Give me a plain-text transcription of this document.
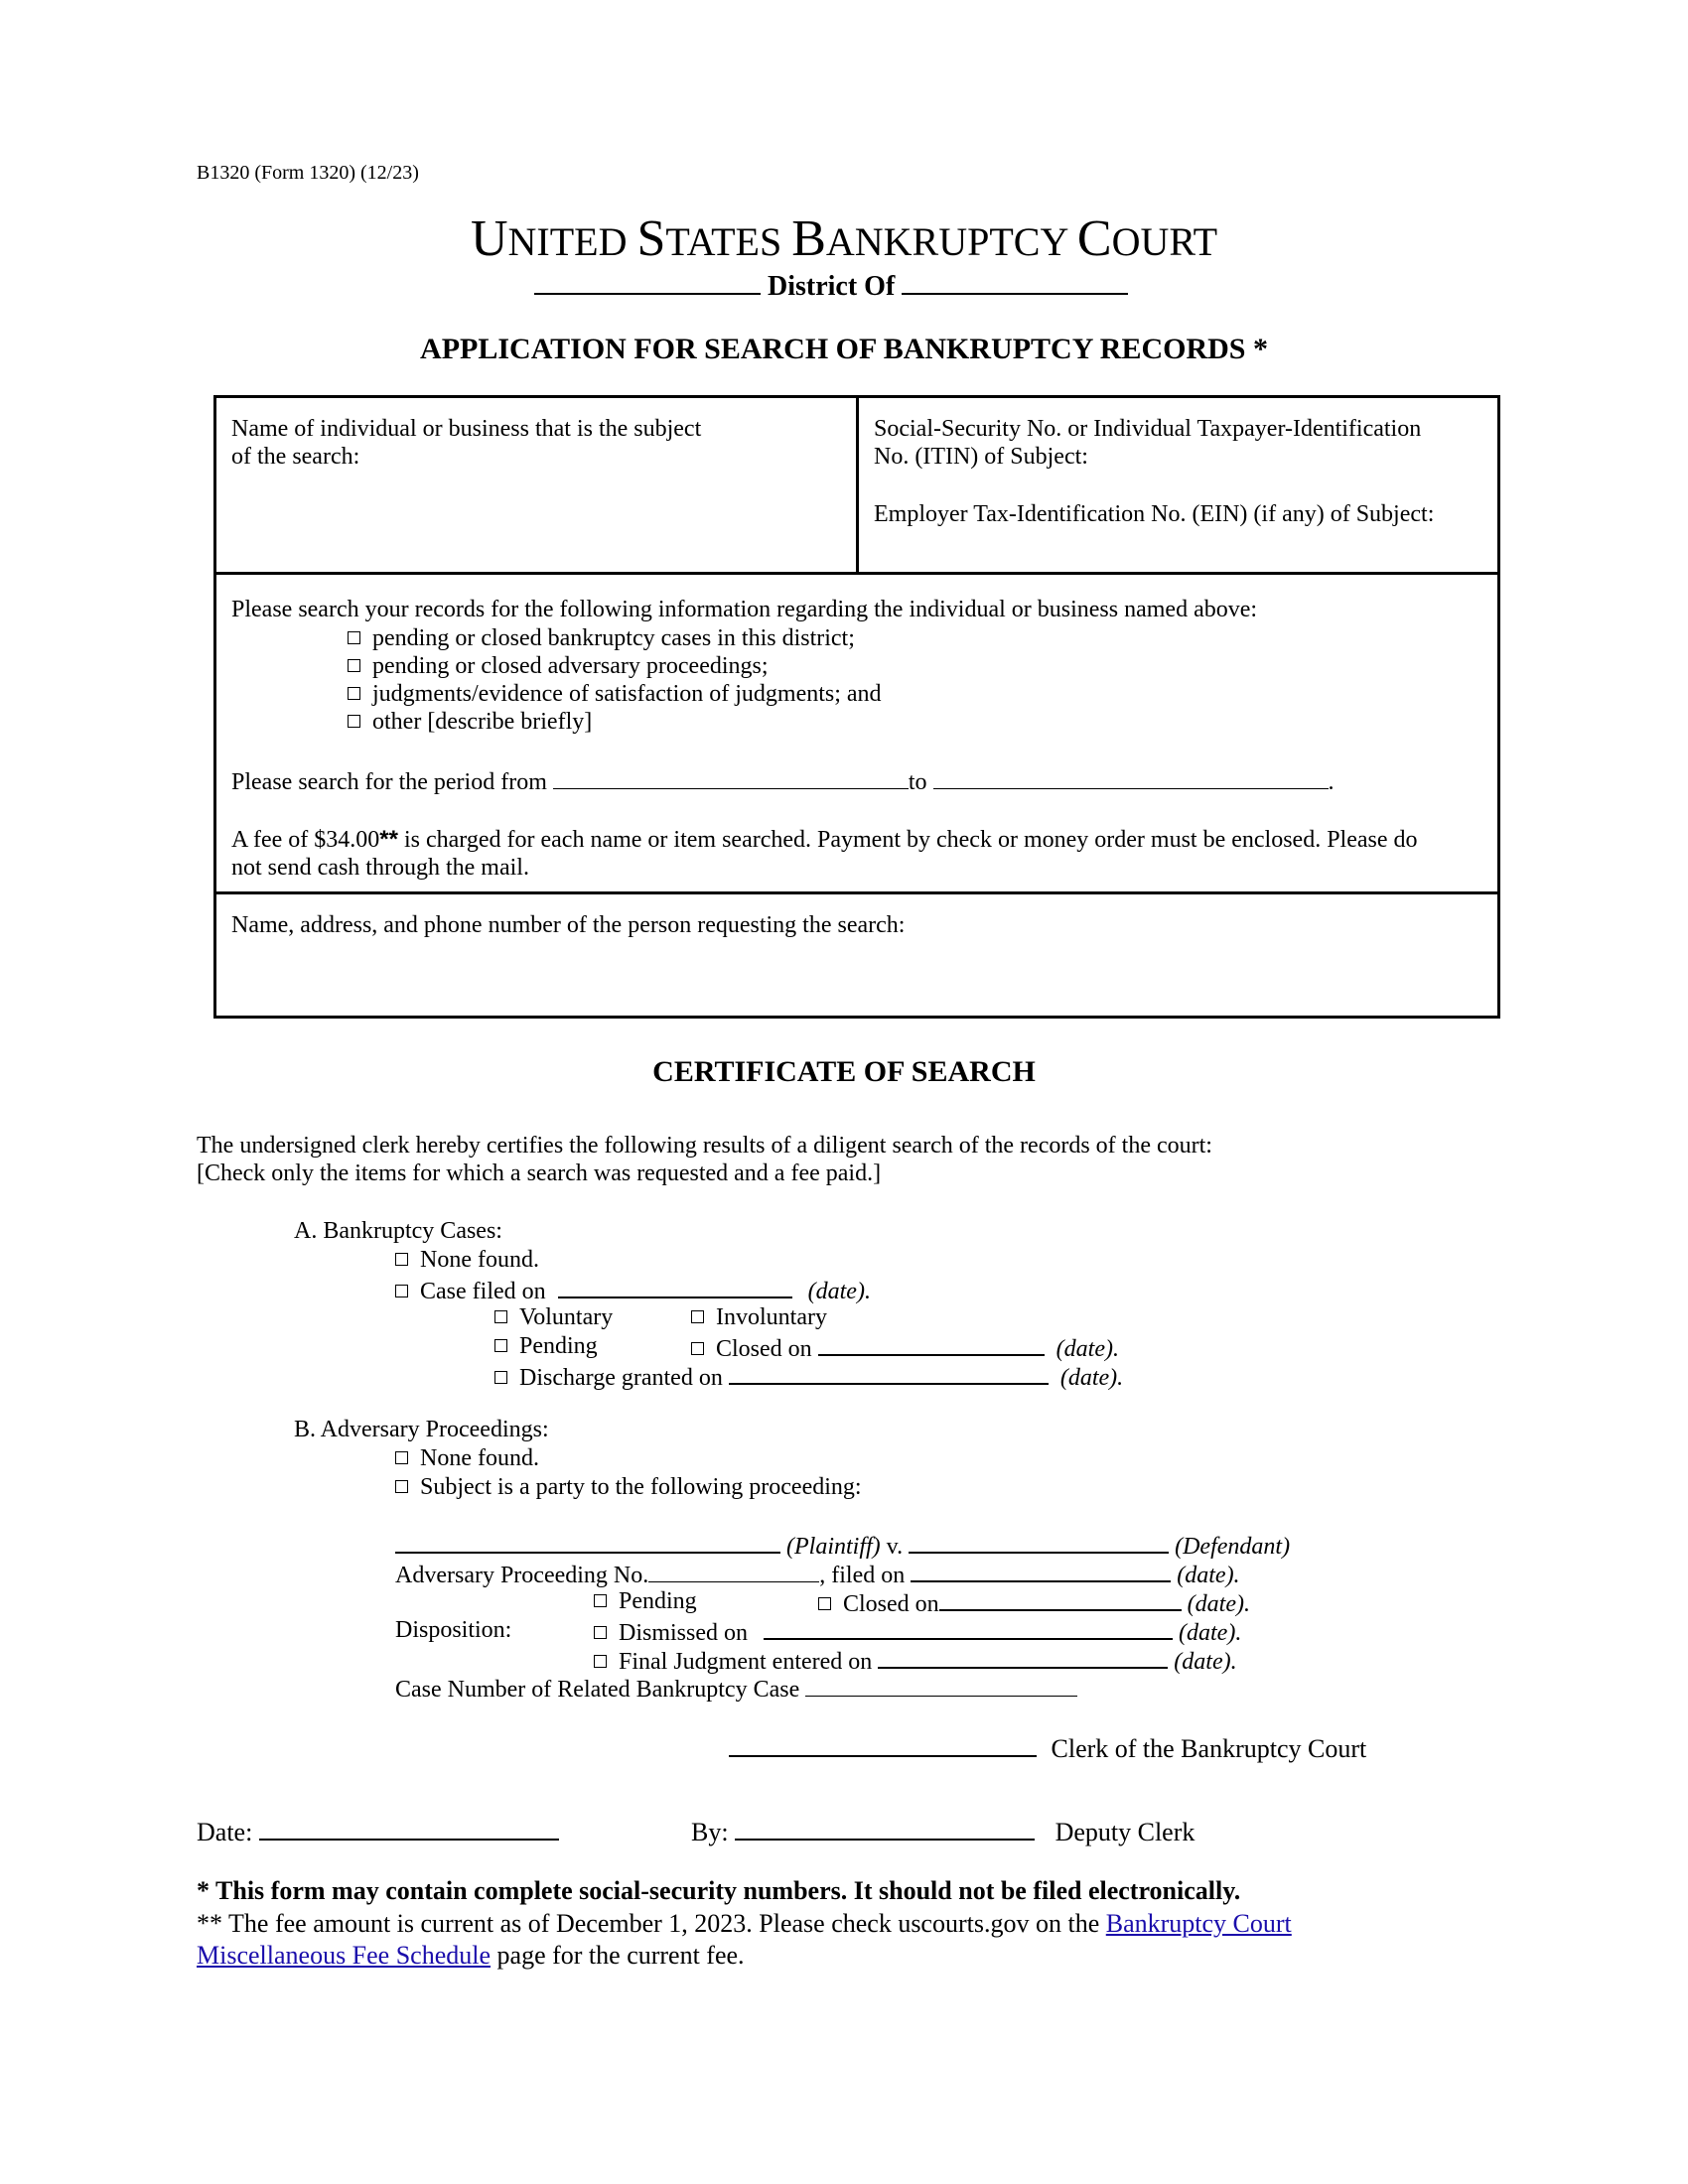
B1320 (Form 1320) (12/23)
UNITED STATES BANKRUPTCY COURT
District Of
APPLICATION FOR SEARCH OF BANKRUPTCY RECORDS *
Name of individual or business that is the subject
of the search:
Social-Security No. or Individual Taxpayer-Identification
No. (ITIN) of Subject:
Employer Tax-Identification No. (EIN) (if any) of Subject:
Please search your records for the following information regarding the individual or business named above:
pending or closed bankruptcy cases in this district;
pending or closed adversary proceedings;
judgments/evidence of satisfaction of judgments; and
other [describe briefly]
Please search for the period from	to	.
A fee of $34.00** is charged for each name or item searched. Payment by check or money order must be enclosed. Please do
not send cash through the mail.
Name, address, and phone number of the person requesting the search:
CERTIFICATE OF SEARCH
The undersigned clerk hereby certifies the following results of a diligent search of the records of the court:
[Check only the items for which a search was requested and a fee paid.]
A. Bankruptcy Cases:
None found.
Case filed on	(date).
Voluntary	Involuntary
Pending	Closed on	(date).
Discharge granted on	(date).
B. Adversary Proceedings:
None found.
Subject is a party to the following proceeding:
(Plaintiff) v.	(Defendant)
Adversary Proceeding No.	, filed on	(date).
Pending	Closed on	(date).
Disposition:	Dismissed on	(date).
Final Judgment entered on	(date).
Case Number of Related Bankruptcy Case
Clerk of the Bankruptcy Court
Date:	By:	Deputy Clerk
* This form may contain complete social-security numbers. It should not be filed electronically.
** The fee amount is current as of December 1, 2023. Please check uscourts.gov on the Bankruptcy Court
Miscellaneous Fee Schedule page for the current fee.
